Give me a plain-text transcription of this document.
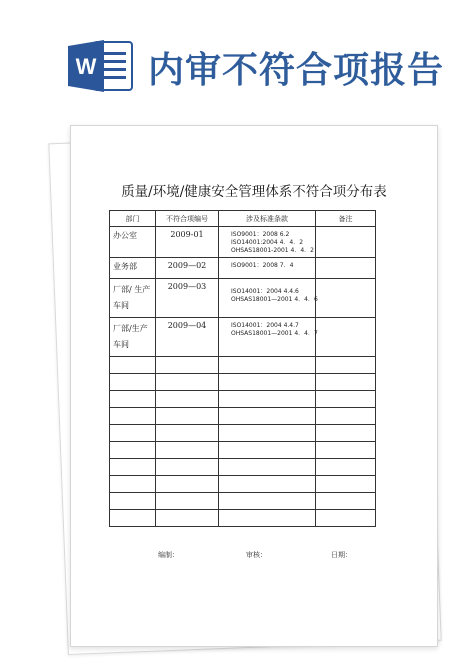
W 内审不符合项报告
质量/环境/健康安全管理体系不符合项分布表
部门	不符合项编号	涉及标准条款	备注
办公室	2009-01	ISO9001：2008 6.2
ISO14001:2004 4．4．2
OHSAS18001-2001 4．4．2	

业务部	2009—02	ISO9001：2008 7．4	

厂部/ 生产车间	2009—03	ISO14001：2004 4.4.6
OHSAS18001—2001 4．4．6	

厂部/生产车间	2009—04	ISO14001：2004 4.4.7
OHSAS18001—2001 4．4．7	

编制：	审核：	日期：
